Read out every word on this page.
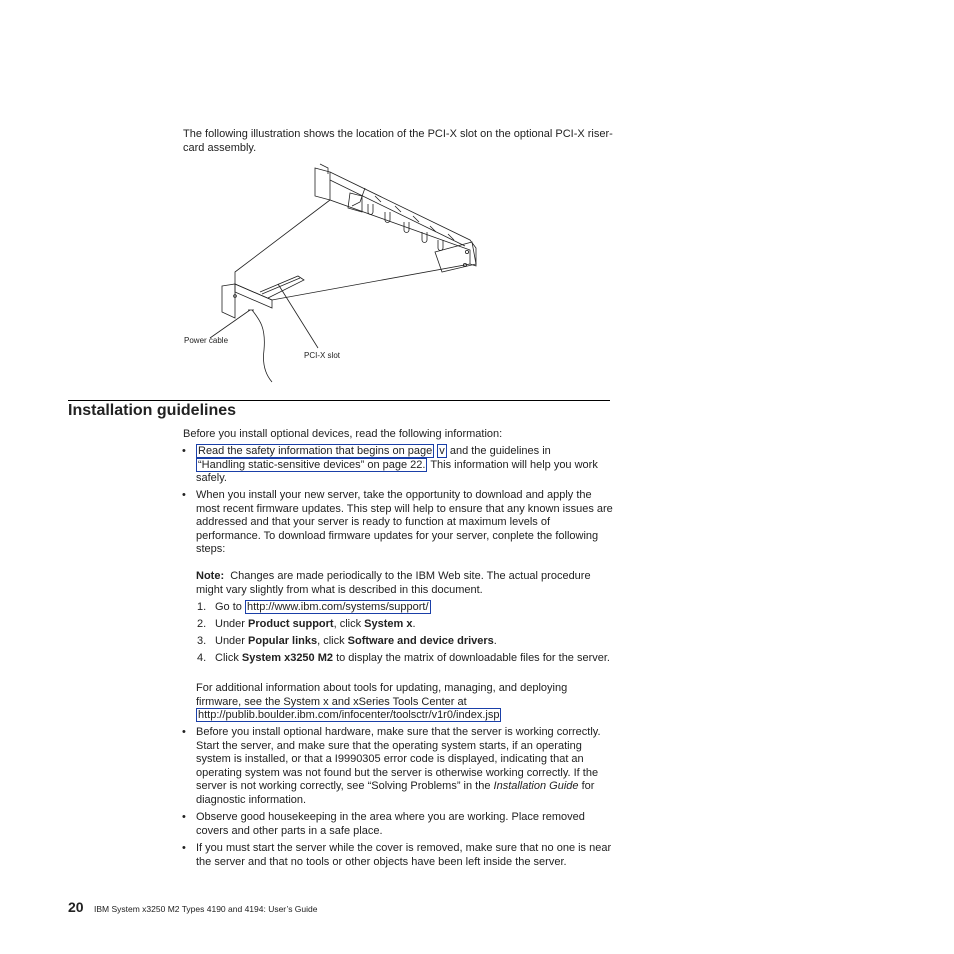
The following illustration shows the location of the PCI-X slot on the optional PCI-X riser-card assembly.
Power cable
PCI-X slot
Installation guidelines
Before you install optional devices, read the following information:
• Read the safety information that begins on page v and the guidelines in
“Handling static-sensitive devices” on page 22. This information will help you work safely.
• When you install your new server, take the opportunity to download and apply the most recent firmware updates. This step will help to ensure that any known issues are addressed and that your server is ready to function at maximum levels of performance. To download firmware updates for your server, conplete the following steps:
Note: Changes are made periodically to the IBM Web site. The actual procedure might vary slightly from what is described in this document.
1. Go to http://www.ibm.com/systems/support/
2. Under Product support, click System x.
3. Under Popular links, click Software and device drivers.
4. Click System x3250 M2 to display the matrix of downloadable files for the server.
For additional information about tools for updating, managing, and deploying firmware, see the System x and xSeries Tools Center at
http://publib.boulder.ibm.com/infocenter/toolsctr/v1r0/index.jsp
• Before you install optional hardware, make sure that the server is working correctly. Start the server, and make sure that the operating system starts, if an operating system is installed, or that a I9990305 error code is displayed, indicating that an operating system was not found but the server is otherwise working correctly. If the server is not working correctly, see “Solving Problems” in the Installation Guide for diagnostic information.
• Observe good housekeeping in the area where you are working. Place removed covers and other parts in a safe place.
• If you must start the server while the cover is removed, make sure that no one is near the server and that no tools or other objects have been left inside the server.
20 IBM System x3250 M2 Types 4190 and 4194: User’s Guide
